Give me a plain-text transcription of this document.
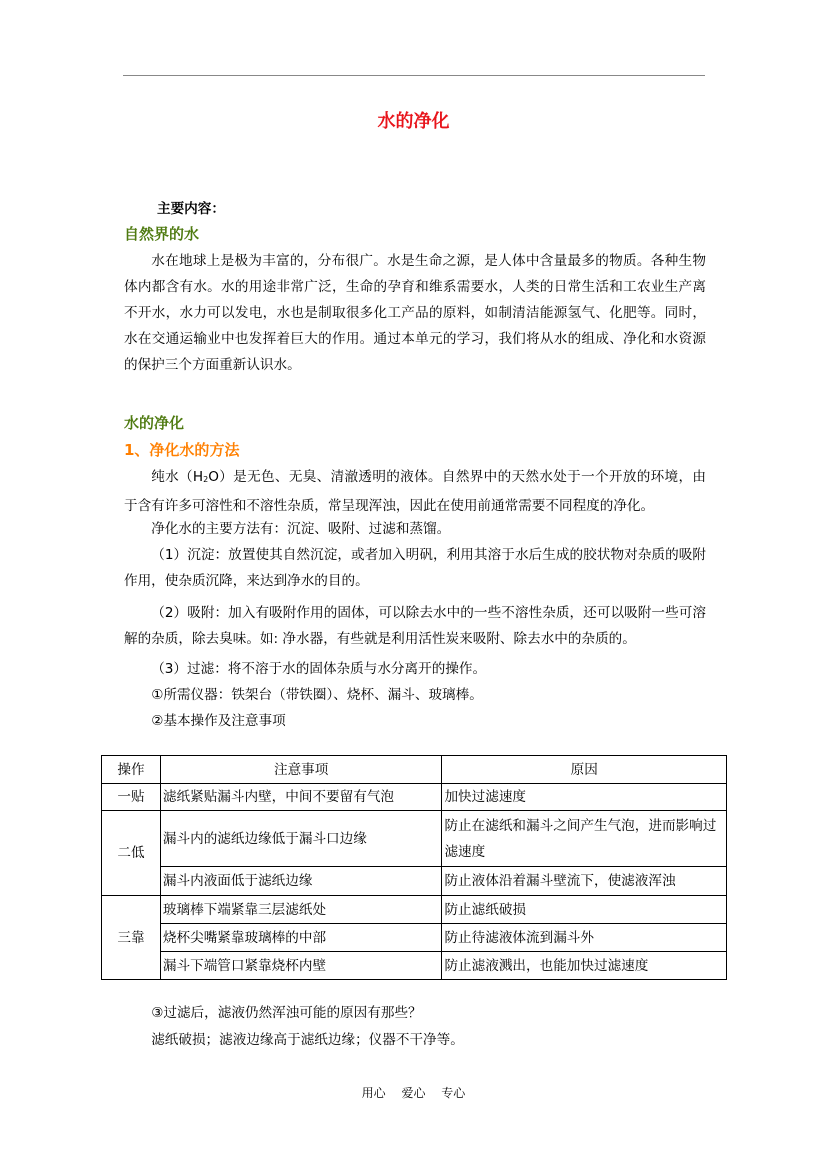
水的净化
主要内容：
自然界的水
水在地球上是极为丰富的，分布很广。水是生命之源，是人体中含量最多的物质。各种生物体内都含有水。水的用途非常广泛，生命的孕育和维系需要水，人类的日常生活和工农业生产离不开水，水力可以发电，水也是制取很多化工产品的原料，如制清洁能源氢气、化肥等。同时，水在交通运输业中也发挥着巨大的作用。通过本单元的学习，我们将从水的组成、净化和水资源的保护三个方面重新认识水。
水的净化
1、净化水的方法
纯水（H2O）是无色、无臭、清澈透明的液体。自然界中的天然水处于一个开放的环境，由于含有许多可溶性和不溶性杂质，常呈现浑浊，因此在使用前通常需要不同程度的净化。
净化水的主要方法有：沉淀、吸附、过滤和蒸馏。
（1）沉淀：放置使其自然沉淀，或者加入明矾，利用其溶于水后生成的胶状物对杂质的吸附作用，使杂质沉降，来达到净水的目的。
（2）吸附：加入有吸附作用的固体，可以除去水中的一些不溶性杂质，还可以吸附一些可溶解的杂质，除去臭味。如: 净水器，有些就是利用活性炭来吸附、除去水中的杂质的。
（3）过滤：将不溶于水的固体杂质与水分离开的操作。
①所需仪器：铁架台（带铁圈）、烧杯、漏斗、玻璃棒。
②基本操作及注意事项
操作	注意事项	原因
一贴	滤纸紧贴漏斗内壁，中间不要留有气泡	加快过滤速度
二低	漏斗内的滤纸边缘低于漏斗口边缘	防止在滤纸和漏斗之间产生气泡，进而影响过滤速度
	漏斗内液面低于滤纸边缘	防止液体沿着漏斗壁流下，使滤液浑浊
三靠	玻璃棒下端紧靠三层滤纸处	防止滤纸破损
	烧杯尖嘴紧靠玻璃棒的中部	防止待滤液体流到漏斗外
	漏斗下端管口紧靠烧杯内壁	防止滤液溅出，也能加快过滤速度
③过滤后，滤液仍然浑浊可能的原因有那些？
滤纸破损；滤液边缘高于滤纸边缘；仪器不干净等。
用心 爱心 专心
